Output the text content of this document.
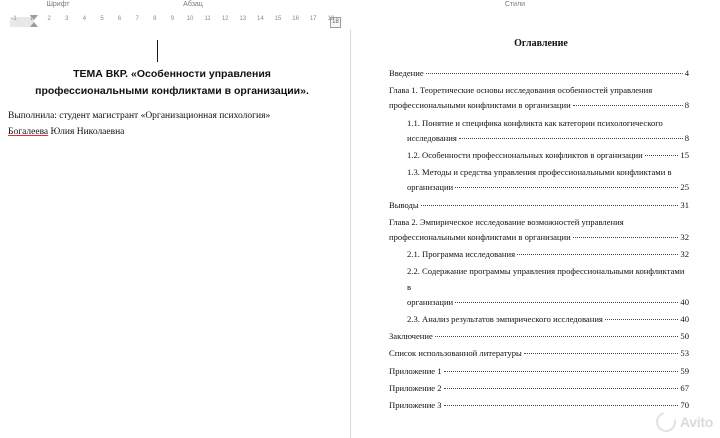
Шрифт	Абзац	Стили
18
-1 1 2 3 4 5 6 7 8 9 10 11 12 13 14 15 16 17 18
ТЕМА ВКР. «Особенности управления профессиональными конфликтами в организации».
Выполнила: студент магистрант «Организационная психология» Богалеева Юлия Николаевна
Оглавление
Введение	4
Глава 1. Теоретические основы исследования особенностей управления
профессиональными конфликтами в организации	8
1.1. Понятие и специфика конфликта как категории психологического
исследования	8
1.2. Особенности профессиональных конфликтов в организации	15
1.3. Методы и средства управления профессиональными конфликтами в
организации	25
Выводы	31
Глава 2. Эмпирическое исследование возможностей управления
профессиональными конфликтами в организации	32
2.1. Программа исследования	32
2.2. Содержание программы управления профессиональными конфликтами в
организации	40
2.3. Анализ результатов эмпирического исследования	40
Заключение	50
Список использованной литературы	53
Приложение 1	59
Приложение 2	67
Приложение 3	70
Avito
